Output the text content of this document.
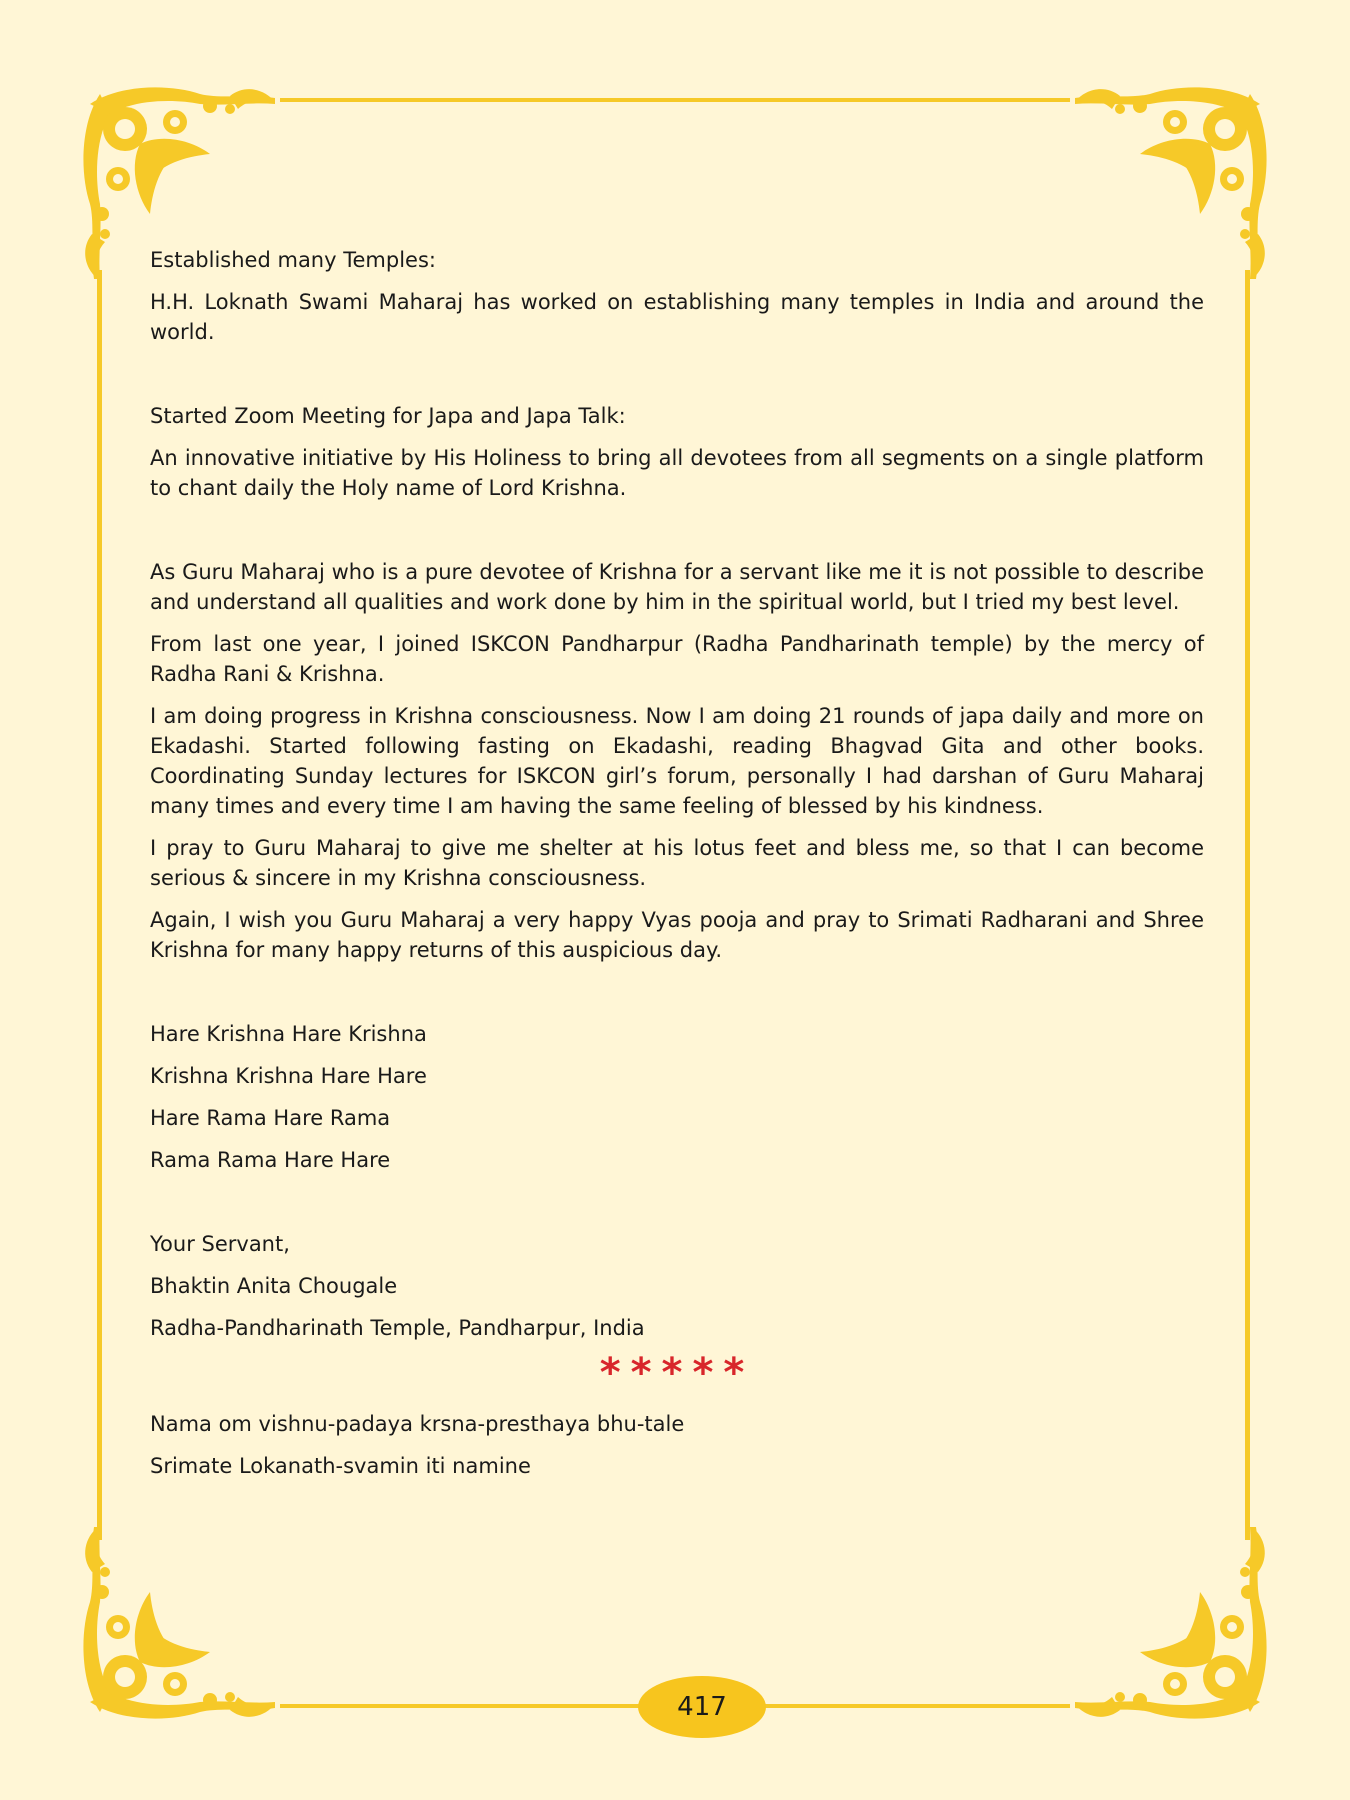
Established many Temples:

H.H. Loknath Swami Maharaj has worked on establishing many temples in India and around the world.

Started Zoom Meeting for Japa and Japa Talk:

An innovative initiative by His Holiness to bring all devotees from all segments on a single platform to chant daily the Holy name of Lord Krishna.

As Guru Maharaj who is a pure devotee of Krishna for a servant like me it is not possible to describe and understand all qualities and work done by him in the spiritual world, but I tried my best level.

From last one year, I joined ISKCON Pandharpur (Radha Pandharinath temple) by the mercy of Radha Rani & Krishna.

I am doing progress in Krishna consciousness. Now I am doing 21 rounds of japa daily and more on Ekadashi. Started following fasting on Ekadashi, reading Bhagvad Gita and other books. Coordinating Sunday lectures for ISKCON girl’s forum, personally I had darshan of Guru Maharaj many times and every time I am having the same feeling of blessed by his kindness.

I pray to Guru Maharaj to give me shelter at his lotus feet and bless me, so that I can become serious & sincere in my Krishna consciousness.

Again, I wish you Guru Maharaj a very happy Vyas pooja and pray to Srimati Radharani and Shree Krishna for many happy returns of this auspicious day.

Hare Krishna Hare Krishna

Krishna Krishna Hare Hare

Hare Rama Hare Rama

Rama Rama Hare Hare

Your Servant,

Bhaktin Anita Chougale

Radha-Pandharinath Temple, Pandharpur, India

*****

Nama om vishnu-padaya krsna-presthaya bhu-tale

Srimate Lokanath-svamin iti namine

417
